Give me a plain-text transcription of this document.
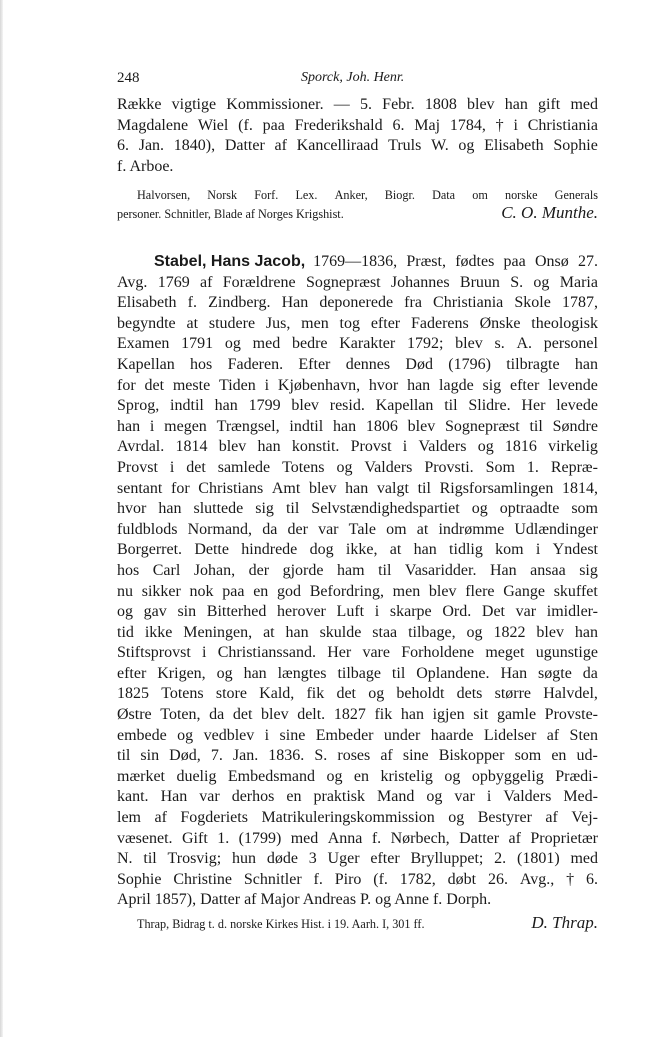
248	Sporck, Joh. Henr.
Række vigtige Kommissioner. — 5. Febr. 1808 blev han gift med
Magdalene Wiel (f. paa Frederikshald 6. Maj 1784, † i Christiania
6. Jan. 1840), Datter af Kancelliraad Truls W. og Elisabeth Sophie
f. Arboe.
Halvorsen, Norsk Forf. Lex. Anker, Biogr. Data om norske Generals
personer. Schnitler, Blade af Norges Krigshist.	C. O. Munthe.
Stabel, Hans Jacob, 1769—1836, Præst, fødtes paa Onsø 27.
Avg. 1769 af Forældrene Sognepræst Johannes Bruun S. og Maria
Elisabeth f. Zindberg. Han deponerede fra Christiania Skole 1787,
begyndte at studere Jus, men tog efter Faderens Ønske theologisk
Examen 1791 og med bedre Karakter 1792; blev s. A. personel
Kapellan hos Faderen. Efter dennes Død (1796) tilbragte han
for det meste Tiden i Kjøbenhavn, hvor han lagde sig efter levende
Sprog, indtil han 1799 blev resid. Kapellan til Slidre. Her levede
han i megen Trængsel, indtil han 1806 blev Sognepræst til Søndre
Avrdal. 1814 blev han konstit. Provst i Valders og 1816 virkelig
Provst i det samlede Totens og Valders Provsti. Som 1. Repræ-
sentant for Christians Amt blev han valgt til Rigsforsamlingen 1814,
hvor han sluttede sig til Selvstændighedspartiet og optraadte som
fuldblods Normand, da der var Tale om at indrømme Udlændinger
Borgerret. Dette hindrede dog ikke, at han tidlig kom i Yndest
hos Carl Johan, der gjorde ham til Vasaridder. Han ansaa sig
nu sikker nok paa en god Befordring, men blev flere Gange skuffet
og gav sin Bitterhed herover Luft i skarpe Ord. Det var imidler-
tid ikke Meningen, at han skulde staa tilbage, og 1822 blev han
Stiftsprovst i Christianssand. Her vare Forholdene meget ugunstige
efter Krigen, og han længtes tilbage til Oplandene. Han søgte da
1825 Totens store Kald, fik det og beholdt dets større Halvdel,
Østre Toten, da det blev delt. 1827 fik han igjen sit gamle Provste-
embede og vedblev i sine Embeder under haarde Lidelser af Sten
til sin Død, 7. Jan. 1836. S. roses af sine Biskopper som en ud-
mærket duelig Embedsmand og en kristelig og opbyggelig Prædi-
kant. Han var derhos en praktisk Mand og var i Valders Med-
lem af Fogderiets Matrikuleringskommission og Bestyrer af Vej-
væsenet. Gift 1. (1799) med Anna f. Nørbech, Datter af Proprietær
N. til Trosvig; hun døde 3 Uger efter Brylluppet; 2. (1801) med
Sophie Christine Schnitler f. Piro (f. 1782, døbt 26. Avg., † 6.
April 1857), Datter af Major Andreas P. og Anne f. Dorph.
Thrap, Bidrag t. d. norske Kirkes Hist. i 19. Aarh. I, 301 ff.	D. Thrap.
